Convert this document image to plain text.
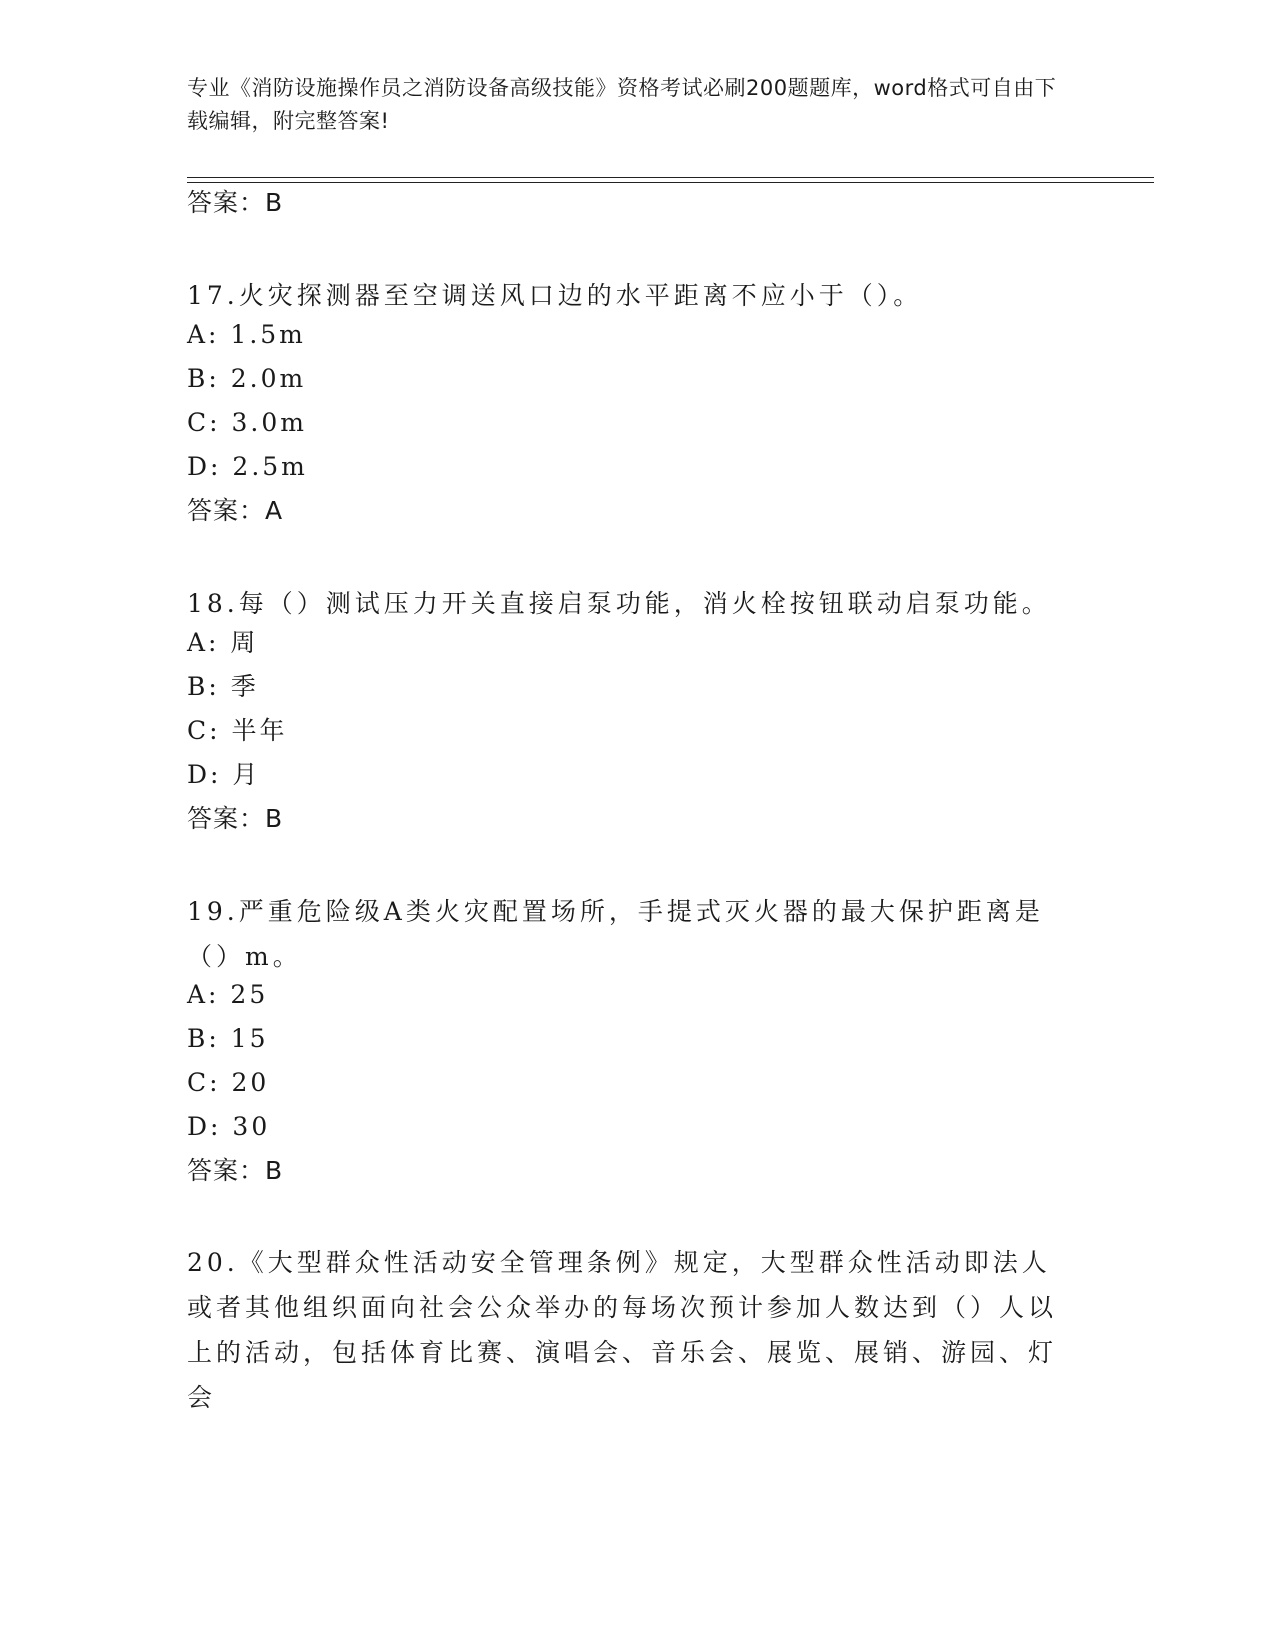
专业《消防设施操作员之消防设备高级技能》资格考试必刷200题题库，word格式可自由下载编辑，附完整答案!
答案：B
17.火灾探测器至空调送风口边的水平距离不应小于（）。
A: 1.5m
B: 2.0m
C: 3.0m
D: 2.5m
答案：A
18.每（）测试压力开关直接启泵功能，消火栓按钮联动启泵功能。
A: 周
B: 季
C: 半年
D: 月
答案：B
19.严重危险级A类火灾配置场所，手提式灭火器的最大保护距离是（）m。
A: 25
B: 15
C: 20
D: 30
答案：B
20.《大型群众性活动安全管理条例》规定，大型群众性活动即法人或者其他组织面向社会公众举办的每场次预计参加人数达到（）人以上的活动，包括体育比赛、演唱会、音乐会、展览、展销、游园、灯会
